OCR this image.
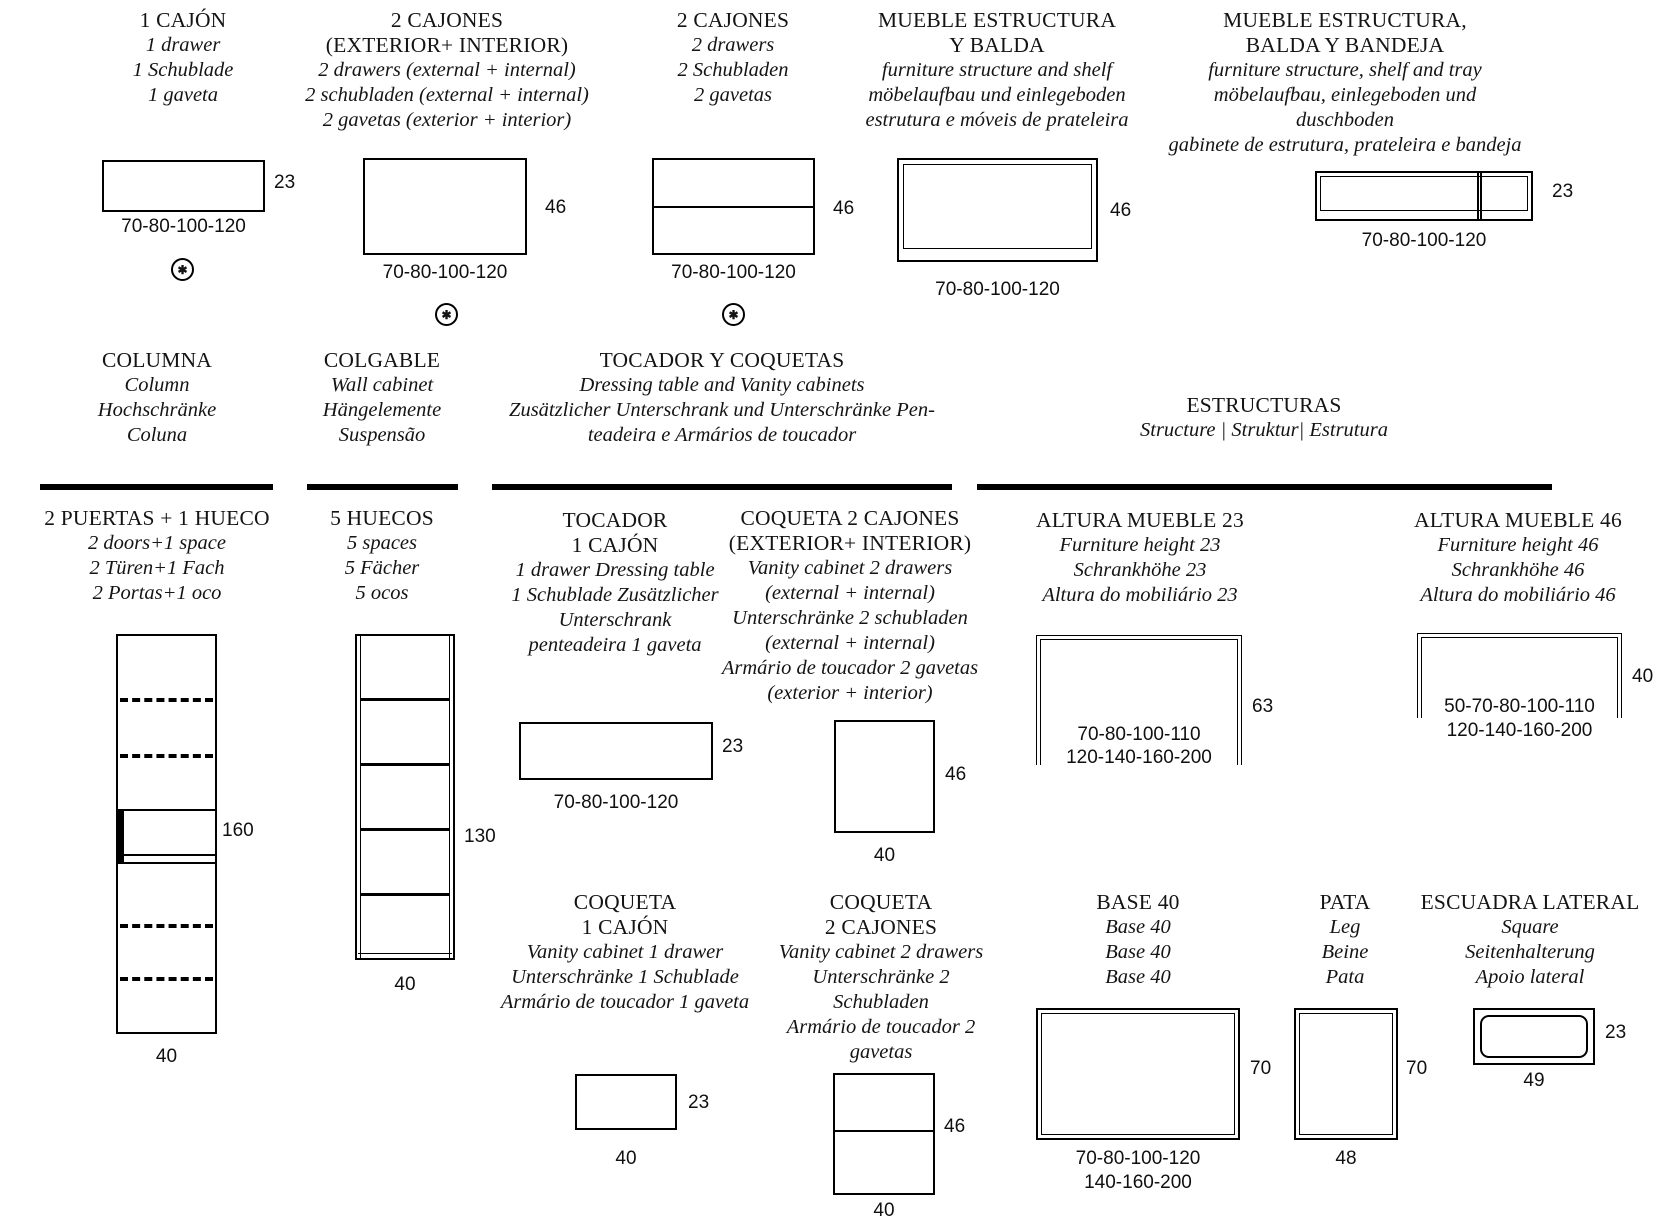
1 CAJÓN
1 drawer
1 Schublade
1 gaveta
2 CAJONES
(EXTERIOR+ INTERIOR)
2 drawers (external + internal)
2 schubladen (external + internal)
2 gavetas (exterior + interior)
2 CAJONES
2 drawers
2 Schubladen
2 gavetas
MUEBLE ESTRUCTURA
Y BALDA
furniture structure and shelf
möbelaufbau und einlegeboden
estrutura e móveis de prateleira
MUEBLE ESTRUCTURA,
BALDA Y BANDEJA
furniture structure, shelf and tray
möbelaufbau, einlegeboden und
duschboden
gabinete de estrutura, prateleira e bandeja
23
70-80-100-120
✱
46
70-80-100-120
✱
46
70-80-100-120
✱
46
70-80-100-120
23
70-80-100-120
COLUMNA
Column
Hochschränke
Coluna
COLGABLE
Wall cabinet
Hängelemente
Suspensão
TOCADOR Y COQUETAS
Dressing table and Vanity cabinets
Zusätzlicher Unterschrank und Unterschränke Pen-
teadeira e Armários de toucador
ESTRUCTURAS
Structure | Struktur| Estrutura
2 PUERTAS + 1 HUECO
2 doors+1 space
2 Türen+1 Fach
2 Portas+1 oco
5 HUECOS
5 spaces
5 Fächer
5 ocos
TOCADOR
1 CAJÓN
1 drawer Dressing table
1 Schublade Zusätzlicher
Unterschrank
penteadeira 1 gaveta
COQUETA 2 CAJONES
(EXTERIOR+ INTERIOR)
Vanity cabinet 2 drawers
(external + internal)
Unterschränke 2 schubladen
(external + internal)
Armário de toucador 2 gavetas
(exterior + interior)
ALTURA MUEBLE 23
Furniture height 23
Schrankhöhe 23
Altura do mobiliário 23
ALTURA MUEBLE 46
Furniture height 46
Schrankhöhe 46
Altura do mobiliário 46
160
40
130
40
23
70-80-100-120
46
40
63
70-80-100-110
120-140-160-200
40
50-70-80-100-110
120-140-160-200
COQUETA
1 CAJÓN
Vanity cabinet 1 drawer
Unterschränke 1 Schublade
Armário de toucador 1 gaveta
COQUETA
2 CAJONES
Vanity cabinet 2 drawers
Unterschränke 2
Schubladen
Armário de toucador 2
gavetas
BASE 40
Base 40
Base 40
Base 40
PATA
Leg
Beine
Pata
ESCUADRA LATERAL
Square
Seitenhalterung
Apoio lateral
23
40
46
40
70
70-80-100-120
140-160-200
70
48
23
49
